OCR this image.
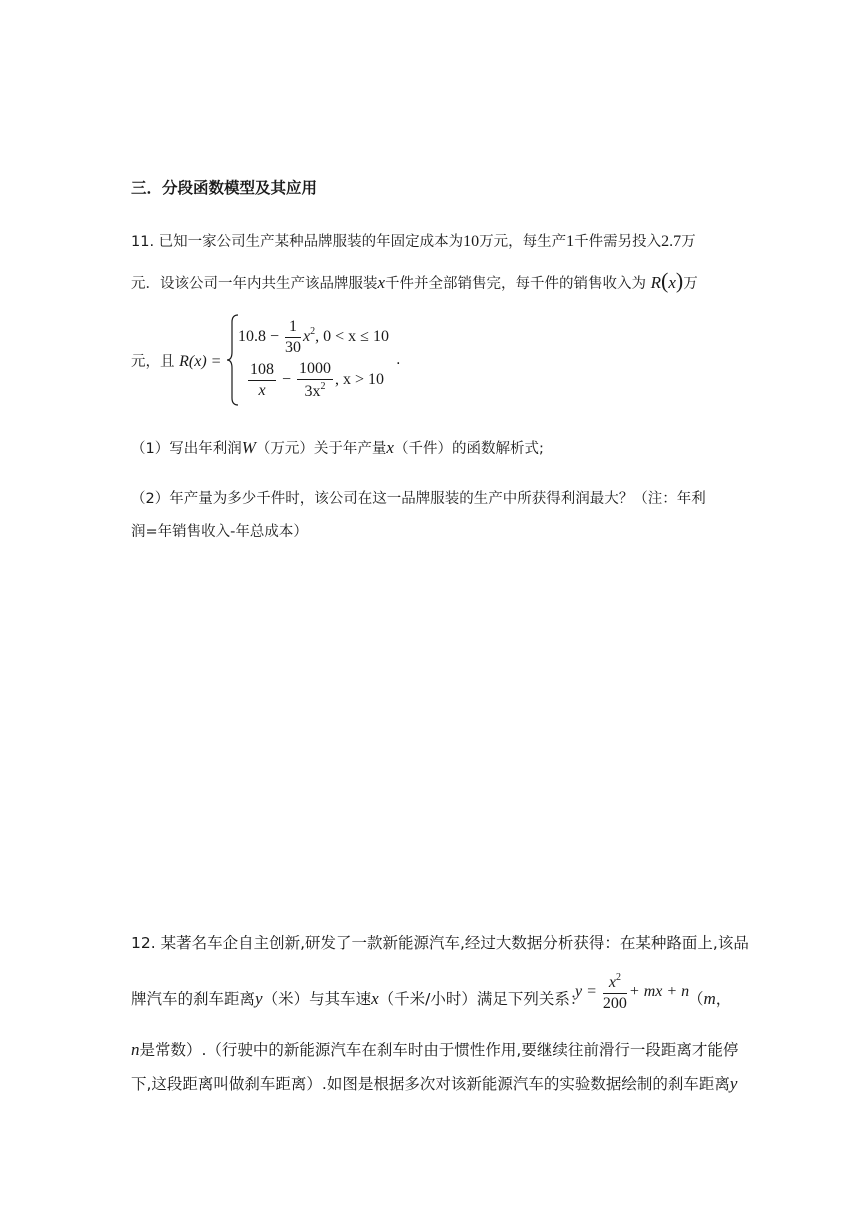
三．分段函数模型及其应用
11. 已知一家公司生产某种品牌服装的年固定成本为10万元，每生产1千件需另投入2.7万
元．设该公司一年内共生产该品牌服装x千件并全部销售完，每千件的销售收入为 R(x)万
元，且 R(x) =
$10.8 - \frac{1}{30} x^2$, 0 < x ≤ 10
$\frac{108}{x} - \frac{1000}{3x^2}$ , x > 10
.
（1）写出年利润W（万元）关于年产量x（千件）的函数解析式;
（2）年产量为多少千件时，该公司在这一品牌服装的生产中所获得利润最大？（注：年利
润=年销售收入-年总成本）
12. 某著名车企自主创新,研发了一款新能源汽车,经过大数据分析获得：在某种路面上,该品
牌汽车的刹车距离y（米）与其车速x（千米/小时）满足下列关系：
$y = \frac{x^2}{200}$ + mx + n
（m，
n是常数）.（行驶中的新能源汽车在刹车时由于惯性作用,要继续往前滑行一段距离才能停
下,这段距离叫做刹车距离）.如图是根据多次对该新能源汽车的实验数据绘制的刹车距离y
